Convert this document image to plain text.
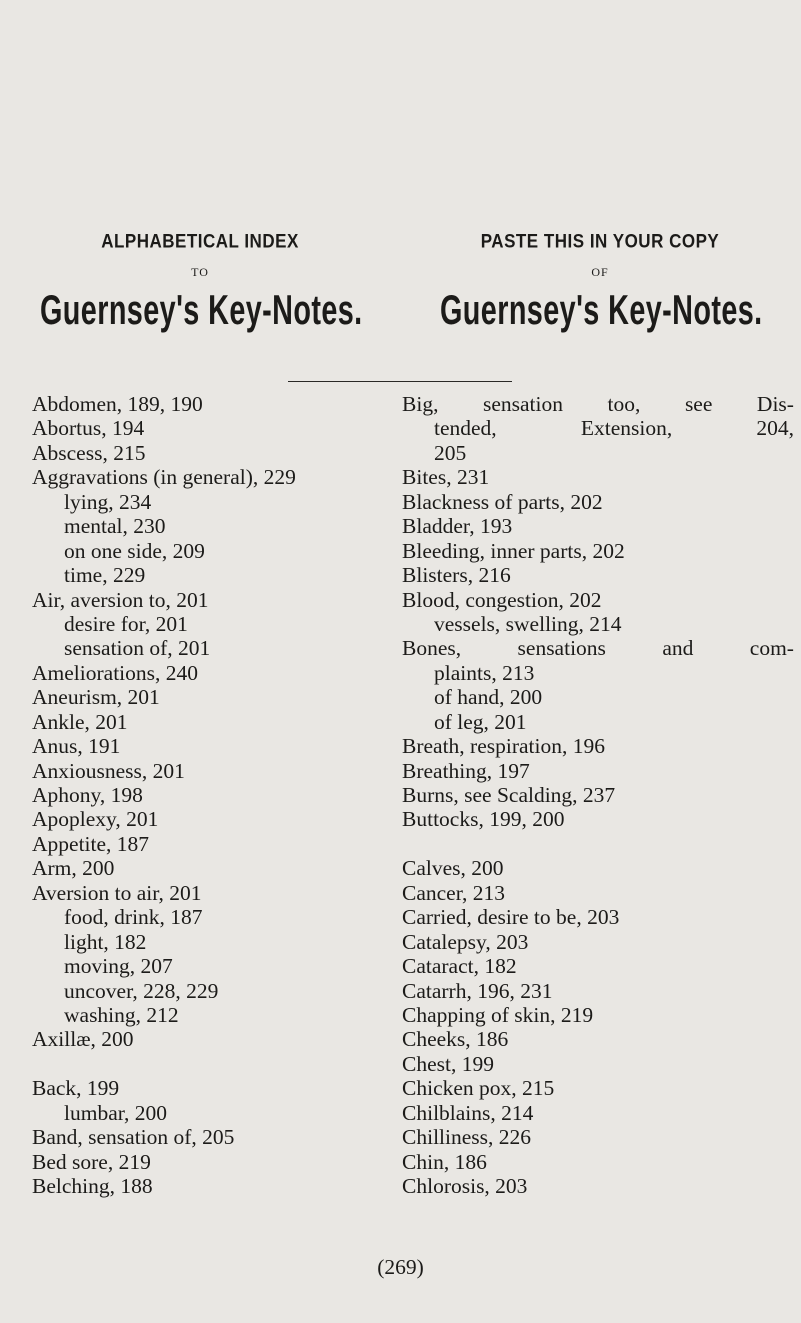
ALPHABETICAL INDEX
TO
Guernsey's Key-Notes.
PASTE THIS IN YOUR COPY
OF
Guernsey's Key-Notes.
Abdomen, 189, 190
Abortus, 194
Abscess, 215
Aggravations (in general), 229
lying, 234
mental, 230
on one side, 209
time, 229
Air, aversion to, 201
desire for, 201
sensation of, 201
Ameliorations, 240
Aneurism, 201
Ankle, 201
Anus, 191
Anxiousness, 201
Aphony, 198
Apoplexy, 201
Appetite, 187
Arm, 200
Aversion to air, 201
food, drink, 187
light, 182
moving, 207
uncover, 228, 229
washing, 212
Axillæ, 200
Back, 199
lumbar, 200
Band, sensation of, 205
Bed sore, 219
Belching, 188
Big, sensation too, see Dis-
tended,	Extension,	204,
205
Bites, 231
Blackness of parts, 202
Bladder, 193
Bleeding, inner parts, 202
Blisters, 216
Blood, congestion, 202
vessels, swelling, 214
Bones,	sensations	and	com-
plaints, 213
of hand, 200
of leg, 201
Breath, respiration, 196
Breathing, 197
Burns, see Scalding, 237
Buttocks, 199, 200
Calves, 200
Cancer, 213
Carried, desire to be, 203
Catalepsy, 203
Cataract, 182
Catarrh, 196, 231
Chapping of skin, 219
Cheeks, 186
Chest, 199
Chicken pox, 215
Chilblains, 214
Chilliness, 226
Chin, 186
Chlorosis, 203
(269)
